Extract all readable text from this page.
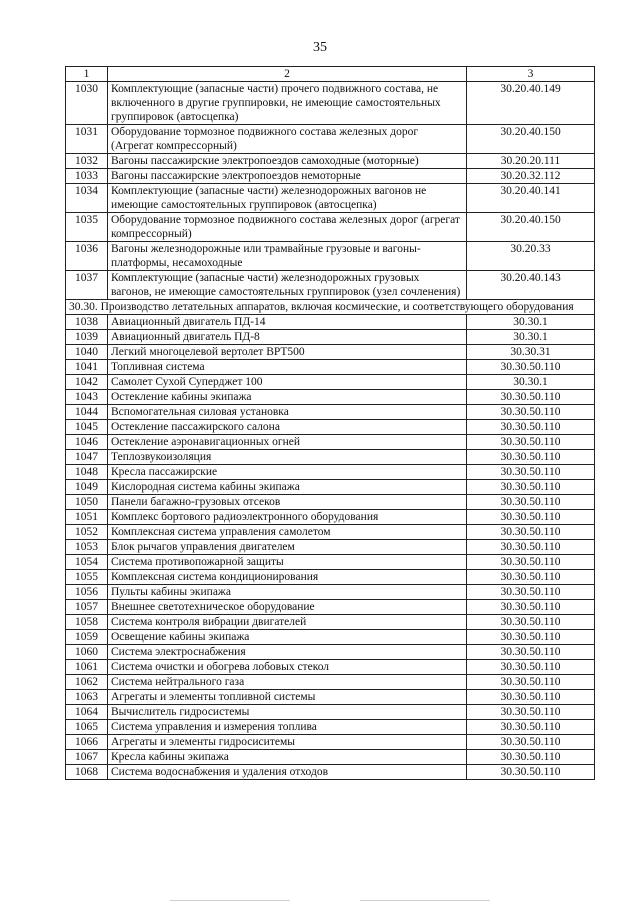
35
1	2	3
1030	Комплектующие (запасные части) прочего подвижного состава, не включенного в другие группировки, не имеющие самостоятельных группировок (автосцепка)	30.20.40.149
1031	Оборудование тормозное подвижного состава железных дорог (Агрегат компрессорный)	30.20.40.150
1032	Вагоны пассажирские электропоездов самоходные (моторные)	30.20.20.111
1033	Вагоны пассажирские электропоездов немоторные	30.20.32.112
1034	Комплектующие (запасные части) железнодорожных вагонов не имеющие самостоятельных группировок (автосцепка)	30.20.40.141
1035	Оборудование тормозное подвижного состава железных дорог (агрегат компрессорный)	30.20.40.150
1036	Вагоны железнодорожные или трамвайные грузовые и вагоны-платформы, несамоходные	30.20.33
1037	Комплектующие (запасные части) железнодорожных грузовых вагонов, не имеющие самостоятельных группировок (узел сочленения)	30.20.40.143
30.30. Производство летательных аппаратов, включая космические, и соответствующего оборудования		
1038	Авиационный двигатель ПД-14	30.30.1
1039	Авиационный двигатель ПД-8	30.30.1
1040	Легкий многоцелевой вертолет ВРТ500	30.30.31
1041	Топливная система	30.30.50.110
1042	Самолет Сухой Суперджет 100	30.30.1
1043	Остекление кабины экипажа	30.30.50.110
1044	Вспомогательная силовая установка	30.30.50.110
1045	Остекление пассажирского салона	30.30.50.110
1046	Остекление аэронавигационных огней	30.30.50.110
1047	Теплозвукоизоляция	30.30.50.110
1048	Кресла пассажирские	30.30.50.110
1049	Кислородная система кабины экипажа	30.30.50.110
1050	Панели багажно-грузовых отсеков	30.30.50.110
1051	Комплекс бортового радиоэлектронного оборудования	30.30.50.110
1052	Комплексная система управления самолетом	30.30.50.110
1053	Блок рычагов управления двигателем	30.30.50.110
1054	Система противопожарной защиты	30.30.50.110
1055	Комплексная система кондиционирования	30.30.50.110
1056	Пульты кабины экипажа	30.30.50.110
1057	Внешнее светотехническое оборудование	30.30.50.110
1058	Система контроля вибрации двигателей	30.30.50.110
1059	Освещение кабины экипажа	30.30.50.110
1060	Система электроснабжения	30.30.50.110
1061	Система очистки и обогрева лобовых стекол	30.30.50.110
1062	Система нейтрального газа	30.30.50.110
1063	Агрегаты и элементы топливной системы	30.30.50.110
1064	Вычислитель гидросистемы	30.30.50.110
1065	Система управления и измерения топлива	30.30.50.110
1066	Агрегаты и элементы гидросиситемы	30.30.50.110
1067	Кресла кабины экипажа	30.30.50.110
1068	Система водоснабжения и удаления отходов	30.30.50.110
